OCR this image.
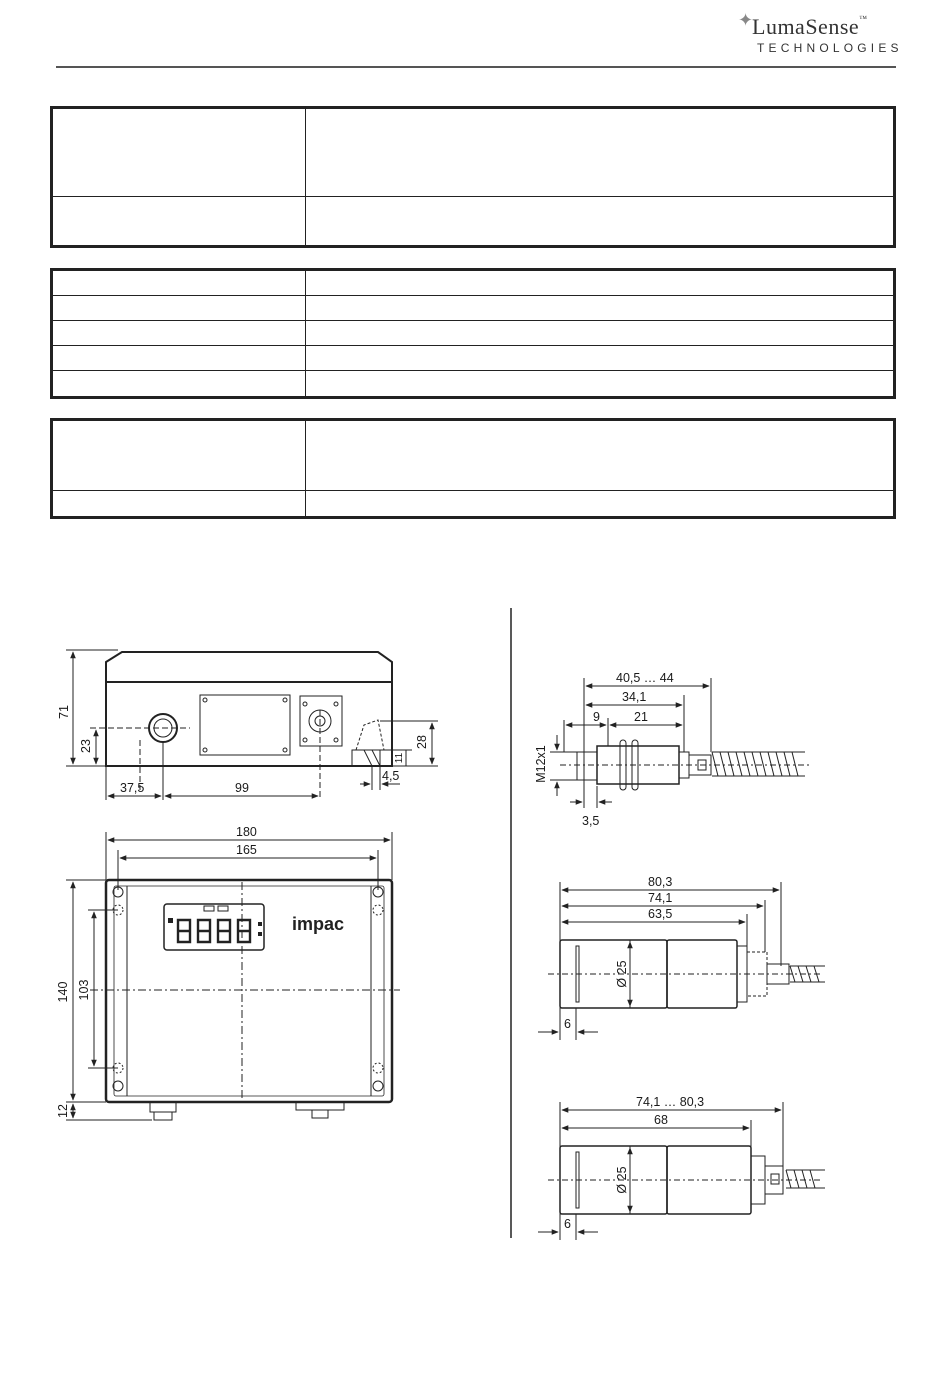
✦
LumaSense™
TECHNOLOGIES
impac
71
23	28
11
4,5
37,5	99
180
165
140 103
12
40,5 … 44
34,1
9	21
M12x1
3,5
80,3
74,1
63,5
Ø 25
6
74,1 … 80,3
68
Ø 25
6
